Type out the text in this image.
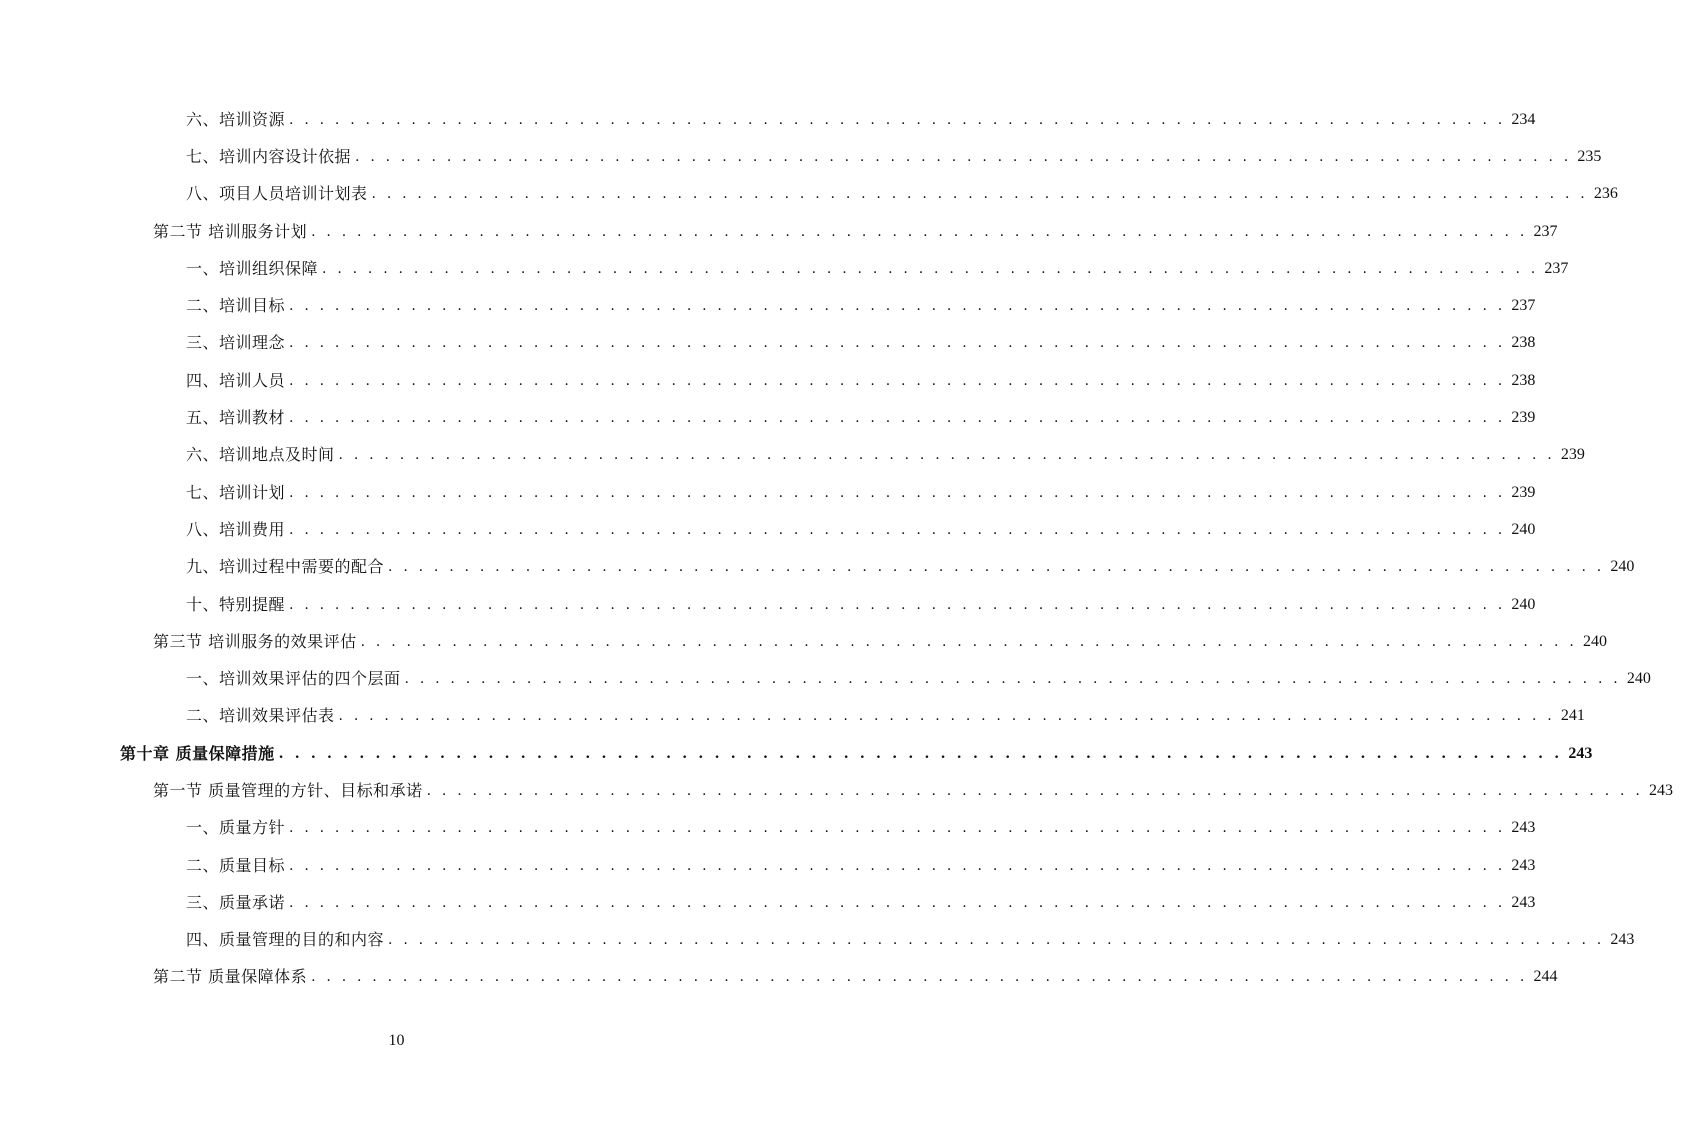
六、培训资源 . . . . . . . . . . . . . . . . . . . . . . . . . . . . . . . . . . . . . . . . . . . . . . . . . . . . . . . . . . . . . . . . . . . . . . . . . . . . . . . . 234
七、培训内容设计依据 . . . . . . . . . . . . . . . . . . . . . . . . . . . . . . . . . . . . . . . . . . . . . . . . . . . . . . . . . . . . . . . . . . . . . . . . . . . . . . . . 235
八、项目人员培训计划表 . . . . . . . . . . . . . . . . . . . . . . . . . . . . . . . . . . . . . . . . . . . . . . . . . . . . . . . . . . . . . . . . . . . . . . . . . . . . . . . . 236
第二节 培训服务计划 . . . . . . . . . . . . . . . . . . . . . . . . . . . . . . . . . . . . . . . . . . . . . . . . . . . . . . . . . . . . . . . . . . . . . . . . . . . . . . . . 237
一、培训组织保障 . . . . . . . . . . . . . . . . . . . . . . . . . . . . . . . . . . . . . . . . . . . . . . . . . . . . . . . . . . . . . . . . . . . . . . . . . . . . . . . . 237
二、培训目标 . . . . . . . . . . . . . . . . . . . . . . . . . . . . . . . . . . . . . . . . . . . . . . . . . . . . . . . . . . . . . . . . . . . . . . . . . . . . . . . . 237
三、培训理念 . . . . . . . . . . . . . . . . . . . . . . . . . . . . . . . . . . . . . . . . . . . . . . . . . . . . . . . . . . . . . . . . . . . . . . . . . . . . . . . . 238
四、培训人员 . . . . . . . . . . . . . . . . . . . . . . . . . . . . . . . . . . . . . . . . . . . . . . . . . . . . . . . . . . . . . . . . . . . . . . . . . . . . . . . . 238
五、培训教材 . . . . . . . . . . . . . . . . . . . . . . . . . . . . . . . . . . . . . . . . . . . . . . . . . . . . . . . . . . . . . . . . . . . . . . . . . . . . . . . . 239
六、培训地点及时间 . . . . . . . . . . . . . . . . . . . . . . . . . . . . . . . . . . . . . . . . . . . . . . . . . . . . . . . . . . . . . . . . . . . . . . . . . . . . . . . . 239
七、培训计划 . . . . . . . . . . . . . . . . . . . . . . . . . . . . . . . . . . . . . . . . . . . . . . . . . . . . . . . . . . . . . . . . . . . . . . . . . . . . . . . . 239
八、培训费用 . . . . . . . . . . . . . . . . . . . . . . . . . . . . . . . . . . . . . . . . . . . . . . . . . . . . . . . . . . . . . . . . . . . . . . . . . . . . . . . . 240
九、培训过程中需要的配合 . . . . . . . . . . . . . . . . . . . . . . . . . . . . . . . . . . . . . . . . . . . . . . . . . . . . . . . . . . . . . . . . . . . . . . . . . . . . . . . . 240
十、特别提醒 . . . . . . . . . . . . . . . . . . . . . . . . . . . . . . . . . . . . . . . . . . . . . . . . . . . . . . . . . . . . . . . . . . . . . . . . . . . . . . . . 240
第三节 培训服务的效果评估 . . . . . . . . . . . . . . . . . . . . . . . . . . . . . . . . . . . . . . . . . . . . . . . . . . . . . . . . . . . . . . . . . . . . . . . . . . . . . . . . 240
一、培训效果评估的四个层面 . . . . . . . . . . . . . . . . . . . . . . . . . . . . . . . . . . . . . . . . . . . . . . . . . . . . . . . . . . . . . . . . . . . . . . . . . . . . . . . . 240
二、培训效果评估表 . . . . . . . . . . . . . . . . . . . . . . . . . . . . . . . . . . . . . . . . . . . . . . . . . . . . . . . . . . . . . . . . . . . . . . . . . . . . . . . . 241
第十章 质量保障措施 . . . . . . . . . . . . . . . . . . . . . . . . . . . . . . . . . . . . . . . . . . . . . . . . . . . . . . . . . . . . . . . . . . . . . . . . . . . . . . . . 243
第一节 质量管理的方针、目标和承诺 . . . . . . . . . . . . . . . . . . . . . . . . . . . . . . . . . . . . . . . . . . . . . . . . . . . . . . . . . . . . . . . . . . . . . . . . . . . . . . . . 243
一、质量方针 . . . . . . . . . . . . . . . . . . . . . . . . . . . . . . . . . . . . . . . . . . . . . . . . . . . . . . . . . . . . . . . . . . . . . . . . . . . . . . . . 243
二、质量目标 . . . . . . . . . . . . . . . . . . . . . . . . . . . . . . . . . . . . . . . . . . . . . . . . . . . . . . . . . . . . . . . . . . . . . . . . . . . . . . . . 243
三、质量承诺 . . . . . . . . . . . . . . . . . . . . . . . . . . . . . . . . . . . . . . . . . . . . . . . . . . . . . . . . . . . . . . . . . . . . . . . . . . . . . . . . 243
四、质量管理的目的和内容 . . . . . . . . . . . . . . . . . . . . . . . . . . . . . . . . . . . . . . . . . . . . . . . . . . . . . . . . . . . . . . . . . . . . . . . . . . . . . . . . 243
第二节 质量保障体系 . . . . . . . . . . . . . . . . . . . . . . . . . . . . . . . . . . . . . . . . . . . . . . . . . . . . . . . . . . . . . . . . . . . . . . . . . . . . . . . . 244
10
